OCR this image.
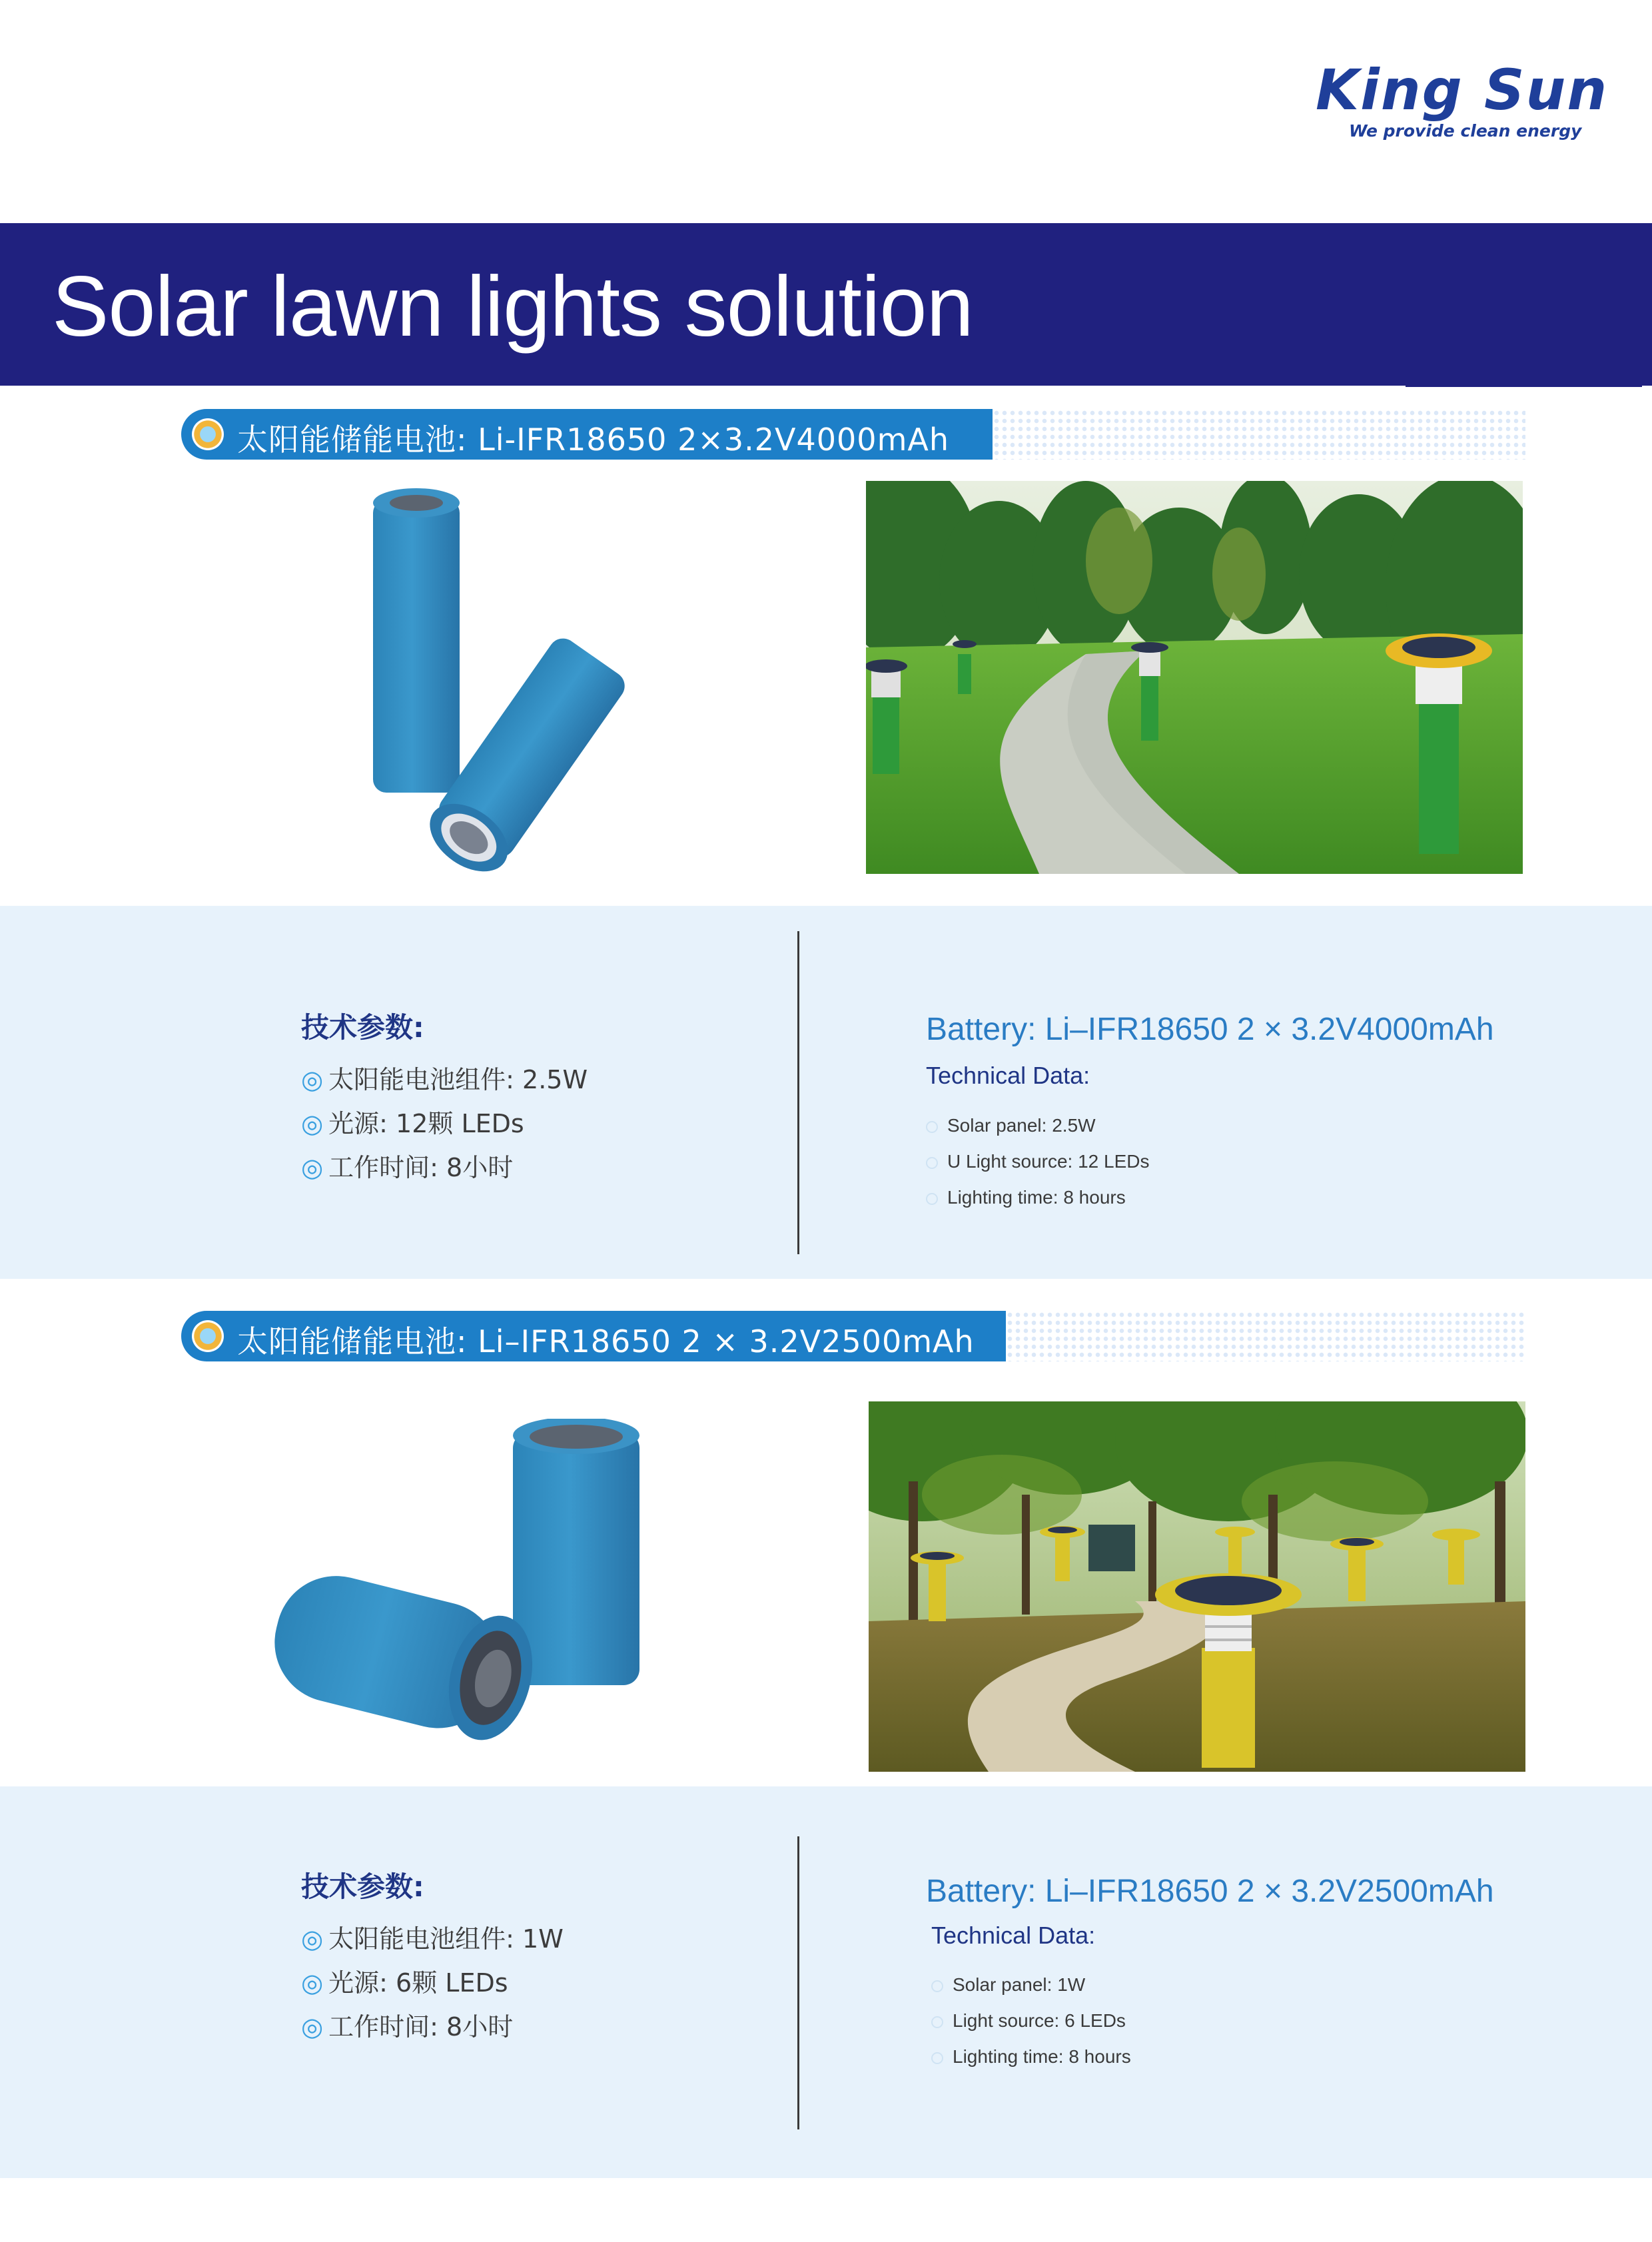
King Sun
We provide clean energy
Solar lawn lights solution
太阳能储能电池: Li-IFR18650 2×3.2V4000mAh
技术参数:
◎ 太阳能电池组件: 2.5W
◎ 光源: 12颗 LEDs
◎ 工作时间: 8小时
Battery: Li–IFR18650 2 × 3.2V4000mAh
Technical Data:
Solar panel: 2.5W
U Light source: 12 LEDs
Lighting time: 8 hours
太阳能储能电池: Li–IFR18650 2 × 3.2V2500mAh
技术参数:
◎ 太阳能电池组件: 1W
◎ 光源: 6颗 LEDs
◎ 工作时间: 8小时
Battery: Li–IFR18650 2 × 3.2V2500mAh
Technical Data:
Solar panel: 1W
Light source: 6 LEDs
Lighting time: 8 hours
